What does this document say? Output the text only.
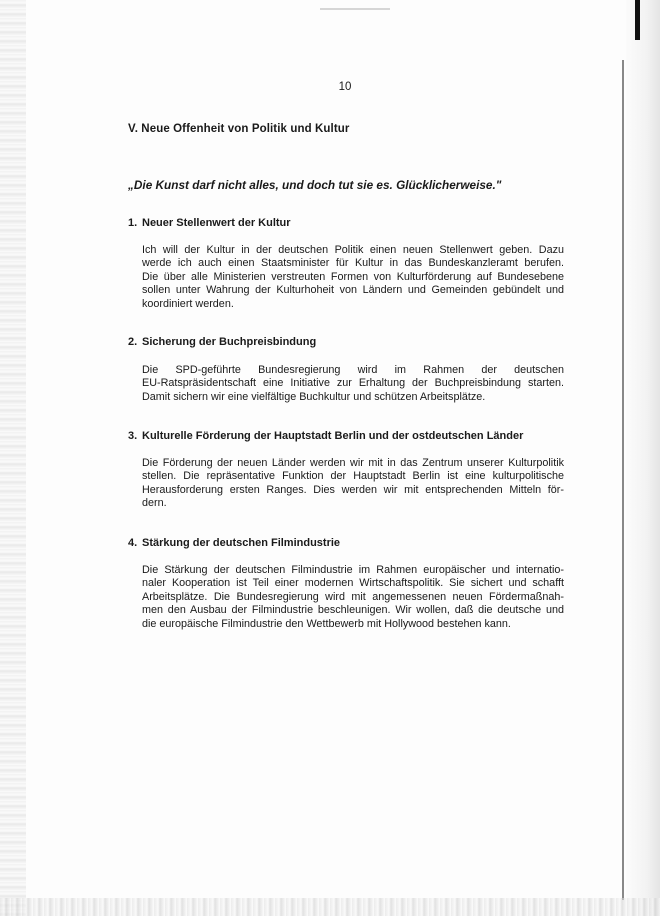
10
V. Neue Offenheit von Politik und Kultur
„Die Kunst darf nicht alles, und doch tut sie es. Glücklicherweise."
1. Neuer Stellenwert der Kultur
Ich will der Kultur in der deutschen Politik einen neuen Stellenwert geben. Dazu
werde ich auch einen Staatsminister für Kultur in das Bundeskanzleramt berufen.
Die über alle Ministerien verstreuten Formen von Kulturförderung auf Bundesebene
sollen unter Wahrung der Kulturhoheit von Ländern und Gemeinden gebündelt und
koordiniert werden.
2. Sicherung der Buchpreisbindung
Die SPD-geführte Bundesregierung wird im Rahmen der deutschen
EU-Ratspräsidentschaft eine Initiative zur Erhaltung der Buchpreisbindung starten.
Damit sichern wir eine vielfältige Buchkultur und schützen Arbeitsplätze.
3. Kulturelle Förderung der Hauptstadt Berlin und der ostdeutschen Länder
Die Förderung der neuen Länder werden wir mit in das Zentrum unserer Kulturpolitik
stellen. Die repräsentative Funktion der Hauptstadt Berlin ist eine kulturpolitische
Herausforderung ersten Ranges. Dies werden wir mit entsprechenden Mitteln för-
dern.
4. Stärkung der deutschen Filmindustrie
Die Stärkung der deutschen Filmindustrie im Rahmen europäischer und internatio-
naler Kooperation ist Teil einer modernen Wirtschaftspolitik. Sie sichert und schafft
Arbeitsplätze. Die Bundesregierung wird mit angemessenen neuen Fördermaßnah-
men den Ausbau der Filmindustrie beschleunigen. Wir wollen, daß die deutsche und
die europäische Filmindustrie den Wettbewerb mit Hollywood bestehen kann.
